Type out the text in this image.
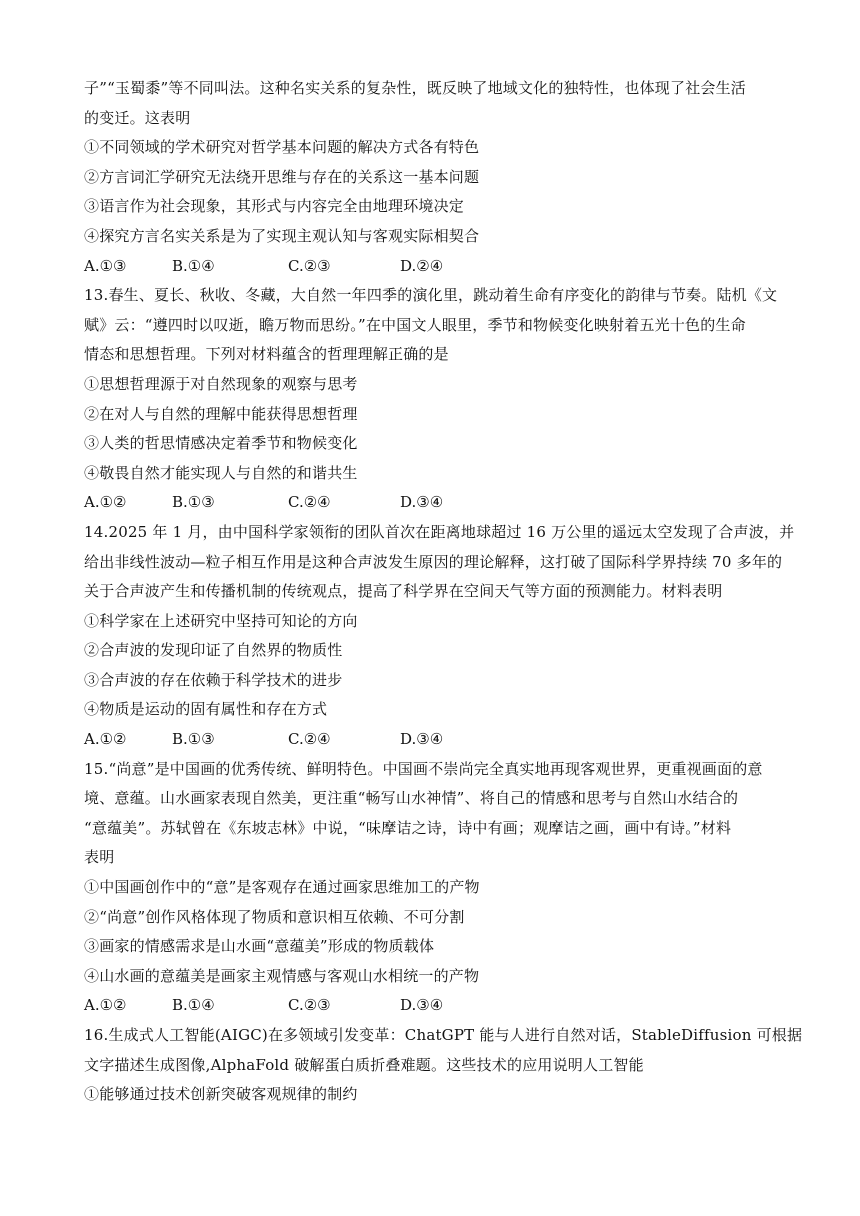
子”“玉蜀黍”等不同叫法。这种名实关系的复杂性，既反映了地域文化的独特性，也体现了社会生活
的变迁。这表明
①不同领域的学术研究对哲学基本问题的解决方式各有特色
②方言词汇学研究无法绕开思维与存在的关系这一基本问题
③语言作为社会现象，其形式与内容完全由地理环境决定
④探究方言名实关系是为了实现主观认知与客观实际相契合
A.①③	B.①④	C.②③	D.②④
13.春生、夏长、秋收、冬藏，大自然一年四季的演化里，跳动着生命有序变化的韵律与节奏。陆机《文
赋》云：“遵四时以叹逝，瞻万物而思纷。”在中国文人眼里，季节和物候变化映射着五光十色的生命
情态和思想哲理。下列对材料蕴含的哲理理解正确的是
①思想哲理源于对自然现象的观察与思考
②在对人与自然的理解中能获得思想哲理
③人类的哲思情感决定着季节和物候变化
④敬畏自然才能实现人与自然的和谐共生
A.①②	B.①③	C.②④	D.③④
14.2025 年 1 月，由中国科学家领衔的团队首次在距离地球超过 16 万公里的遥远太空发现了合声波，并
给出非线性波动—粒子相互作用是这种合声波发生原因的理论解释，这打破了国际科学界持续 70 多年的
关于合声波产生和传播机制的传统观点，提高了科学界在空间天气等方面的预测能力。材料表明
①科学家在上述研究中坚持可知论的方向
②合声波的发现印证了自然界的物质性
③合声波的存在依赖于科学技术的进步
④物质是运动的固有属性和存在方式
A.①②	B.①③	C.②④	D.③④
15.“尚意”是中国画的优秀传统、鲜明特色。中国画不崇尚完全真实地再现客观世界，更重视画面的意
境、意蕴。山水画家表现自然美，更注重“畅写山水神情”、将自己的情感和思考与自然山水结合的
“意蕴美”。苏轼曾在《东坡志林》中说，“味摩诘之诗，诗中有画；观摩诘之画，画中有诗。”材料
表明
①中国画创作中的“意”是客观存在通过画家思维加工的产物
②“尚意”创作风格体现了物质和意识相互依赖、不可分割
③画家的情感需求是山水画“意蕴美”形成的物质载体
④山水画的意蕴美是画家主观情感与客观山水相统一的产物
A.①②	B.①④	C.②③	D.③④
16.生成式人工智能(AIGC)在多领域引发变革：ChatGPT 能与人进行自然对话，StableDiffusion 可根据
文字描述生成图像,AlphaFold 破解蛋白质折叠难题。这些技术的应用说明人工智能
①能够通过技术创新突破客观规律的制约
